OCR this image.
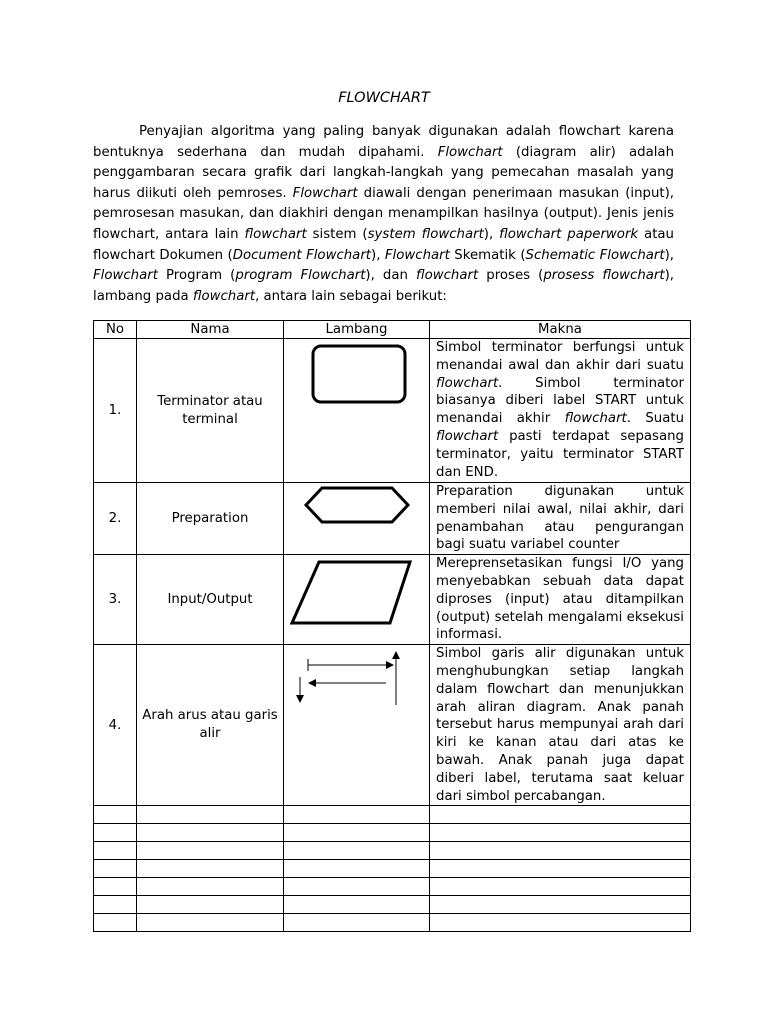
FLOWCHART

Penyajian algoritma yang paling banyak digunakan adalah flowchart karena bentuknya sederhana dan mudah dipahami. Flowchart (diagram alir) adalah penggambaran secara grafik dari langkah-langkah yang pemecahan masalah yang harus diikuti oleh pemroses. Flowchart diawali dengan penerimaan masukan (input), pemrosesan masukan, dan diakhiri dengan menampilkan hasilnya (output). Jenis jenis flowchart, antara lain flowchart sistem (system flowchart), flowchart paperwork atau flowchart Dokumen (Document Flowchart), Flowchart Skematik (Schematic Flowchart), Flowchart Program (program Flowchart), dan flowchart proses (prosess flowchart), lambang pada flowchart, antara lain sebagai berikut:

No	Nama	Lambang	Makna
1.	Terminator atau terminal		Simbol terminator berfungsi untuk menandai awal dan akhir dari suatu flowchart. Simbol terminator biasanya diberi label START untuk menandai akhir flowchart. Suatu flowchart pasti terdapat sepasang terminator, yaitu terminator START dan END.
2.	Preparation		Preparation digunakan untuk memberi nilai awal, nilai akhir, dari penambahan atau pengurangan bagi suatu variabel counter
3.	Input/Output		Mereprensetasikan fungsi I/O yang menyebabkan sebuah data dapat diproses (input) atau ditampilkan (output) setelah mengalami eksekusi informasi.
4.	Arah arus atau garis alir		Simbol garis alir digunakan untuk menghubungkan setiap langkah dalam flowchart dan menunjukkan arah aliran diagram. Anak panah tersebut harus mempunyai arah dari kiri ke kanan atau dari atas ke bawah. Anak panah juga dapat diberi label, terutama saat keluar dari simbol percabangan.
